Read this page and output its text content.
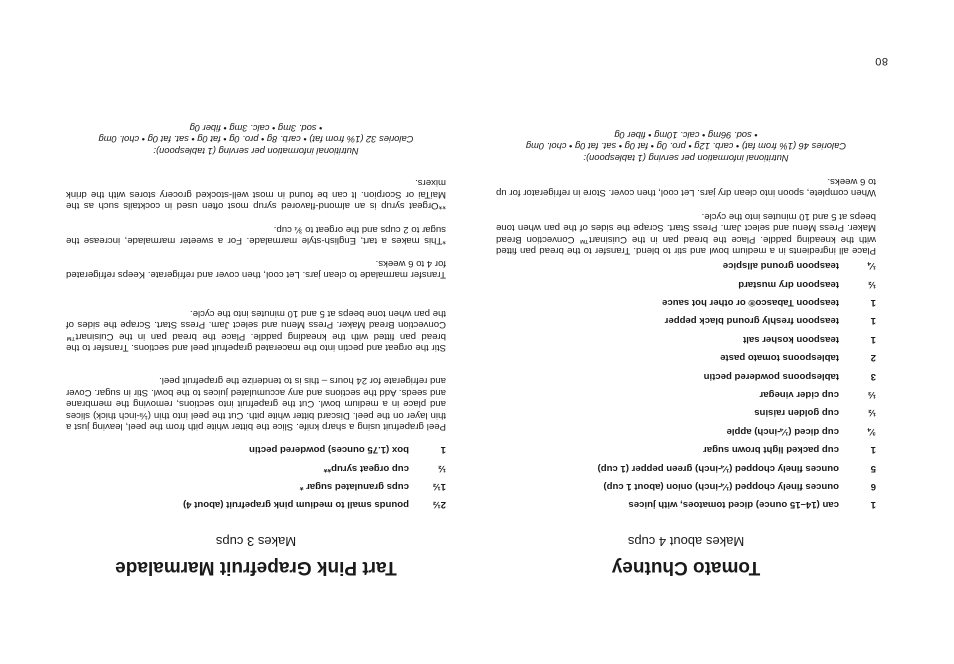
80
Tomato Chutney
Makes about 4 cups
1
can (14–15 ounce) diced tomatoes, with juices
6
ounces finely chopped (¼-inch) onion (about 1 cup)
5
ounces finely chopped (¼-inch) green pepper (1 cup)
1
cup packed light brown sugar
¾
cup diced (¼-inch) apple
½
cup golden raisins
⅓
cup cider vinegar
3
tablespoons powdered pectin
2
tablespoons tomato paste
1
teaspoon kosher salt
1
teaspoon freshly ground black pepper
1
teaspoon Tabasco® or other hot sauce
½
teaspoon dry mustard
¼
teaspoon ground allspice

Place all ingredients in a medium bowl and stir to blend. Transfer to the bread pan fitted with the kneading paddle. Place the bread pan in the Cuisinart™ Convection Bread Maker. Press Menu and select Jam. Press Start. Scrape the sides of the pan when tone beeps at 5 and 10 minutes into the cycle.

When complete, spoon into clean dry jars. Let cool, then cover. Store in refrigerator for up to 6 weeks.

Nutritional information per serving (1 tablespoon):
Calories 46 (1% from fat) • carb. 12g • pro. 0g • fat 0g • sat. fat 0g • chol. 0mg
• sod. 96mg • calc. 10mg • fiber 0g
Tart Pink Grapefruit Marmalade
Makes 3 cups
2½
pounds small to medium pink grapefruit (about 4)
1½
cups granulated sugar *
½
cup orgeat syrup**
1
box (1.75 ounces) powdered pectin

Peel grapefruit using a sharp knife. Slice the bitter white pith from the peel, leaving just a thin layer on the peel. Discard bitter white pith. Cut the peel into thin (⅛-inch thick) slices and place in a medium bowl. Cut the grapefruit into sections, removing the membrane and seeds. Add the sections and any accumulated juices to the bowl. Stir in sugar. Cover and refrigerate for 24 hours – this is to tenderize the grapefruit peel.

Stir the orgeat and pectin into the macerated grapefruit peel and sections. Transfer to the bread pan fitted with the kneading paddle. Place the bread pan in the Cuisinart™ Convection Bread Maker. Press Menu and select Jam. Press Start. Scrape the sides of the pan when tone beeps at 5 and 10 minutes into the cycle.

Transfer marmalade to clean jars. Let cool, then cover and refrigerate. Keeps refrigerated for 4 to 6 weeks.

*This makes a tart, English-style marmalade. For a sweeter marmalade, increase the sugar to 2 cups and the orgeat to ¾ cup.

**Orgeat syrup is an almond-flavored syrup most often used in cocktails such as the MaiTai or Scorpion. It can be found in most well-stocked grocery stores with the drink mixers.

Nutritional information per serving (1 tablespoon):
Calories 32 (1% from fat) • carb. 8g • pro. 0g • fat 0g • sat. fat 0g • chol. 0mg
• sod. 3mg • calc. 3mg • fiber 0g
